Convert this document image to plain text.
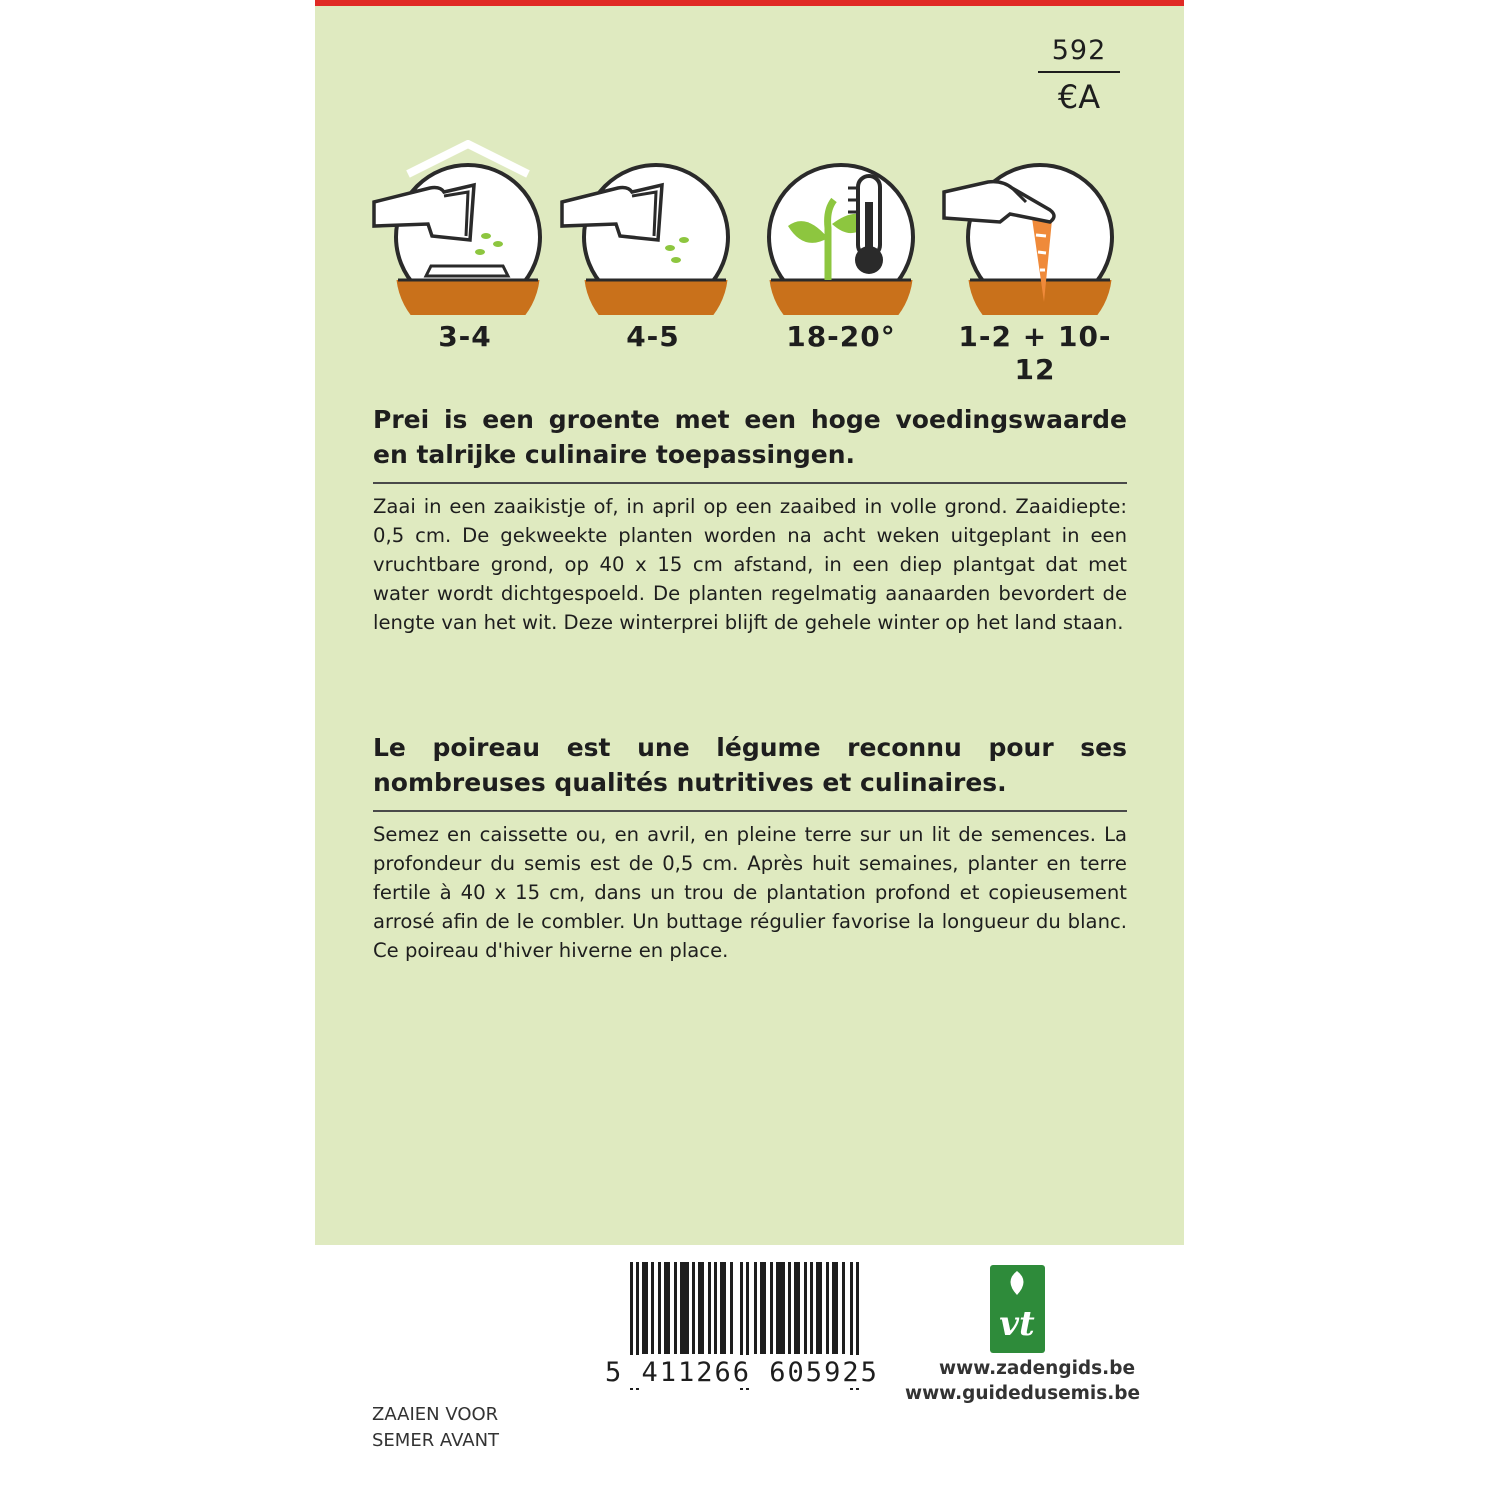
592
€A
3-4	4-5	18-20°	1-2 + 10-12

Prei is een groente met een hoge voedingswaarde en talrijke culinaire toepassingen.

Zaai in een zaaikistje of, in april op een zaaibed in volle grond. Zaaidiepte: 0,5 cm. De gekweekte planten worden na acht weken uitgeplant in een vruchtbare grond, op 40 x 15 cm afstand, in een diep plantgat dat met water wordt dichtgespoeld. De planten regelmatig aanaarden bevordert de lengte van het wit. Deze winterprei blijft de gehele winter op het land staan.

Le poireau est une légume reconnu pour ses nombreuses qualités nutritives et culinaires.

Semez en caissette ou, en avril, en pleine terre sur un lit de semences. La profondeur du semis est de 0,5 cm. Après huit semaines, planter en terre fertile à 40 x 15 cm, dans un trou de plantation profond et copieusement arrosé afin de le combler. Un buttage régulier favorise la longueur du blanc. Ce poireau d'hiver hiverne en place.

5 411266 605925
vt
www.zadengids.be
www.guidedusemis.be
ZAAIEN VOOR
SEMER AVANT
